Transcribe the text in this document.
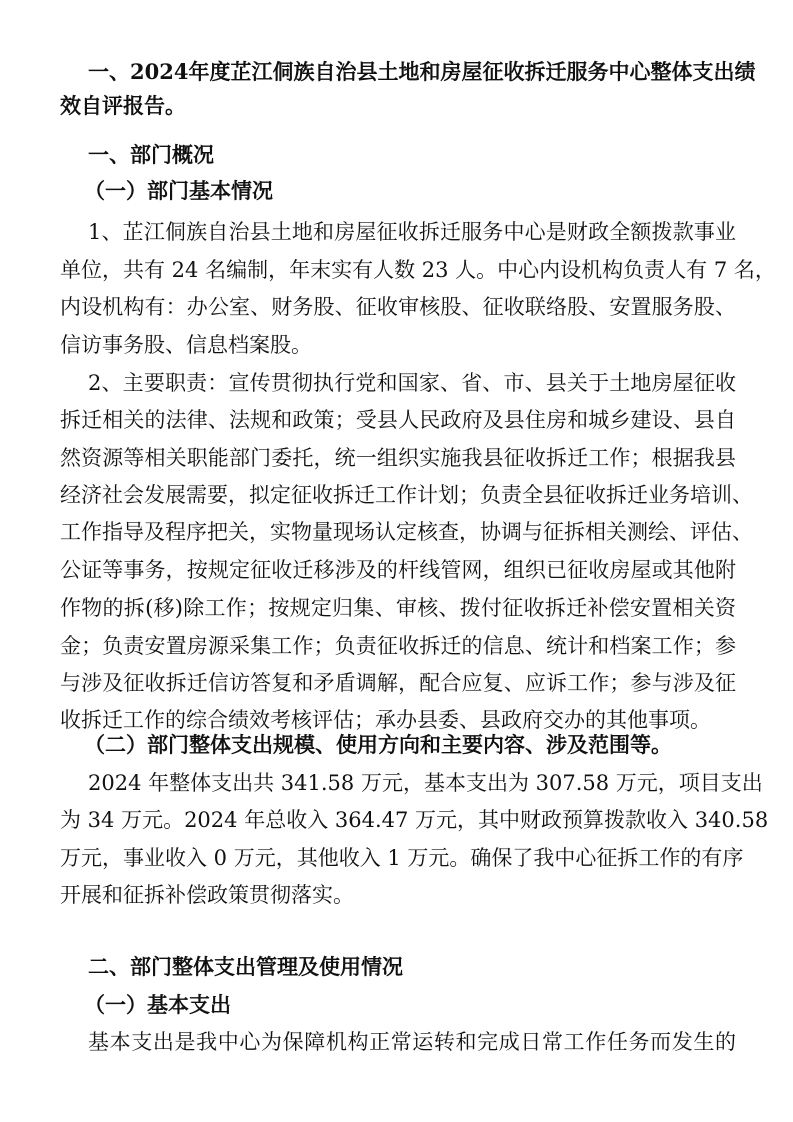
一、2024年度芷江侗族自治县土地和房屋征收拆迁服务中心整体支出绩
效自评报告。
一、部门概况
（一）部门基本情况
1、芷江侗族自治县土地和房屋征收拆迁服务中心是财政全额拨款事业
单位，共有 24 名编制，年末实有人数 23 人。中心内设机构负责人有 7 名，
内设机构有：办公室、财务股、征收审核股、征收联络股、安置服务股、
信访事务股、信息档案股。
2、主要职责：宣传贯彻执行党和国家、省、市、县关于土地房屋征收
拆迁相关的法律、法规和政策；受县人民政府及县住房和城乡建设、县自
然资源等相关职能部门委托，统一组织实施我县征收拆迁工作；根据我县
经济社会发展需要，拟定征收拆迁工作计划；负责全县征收拆迁业务培训、
工作指导及程序把关，实物量现场认定核查，协调与征拆相关测绘、评估、
公证等事务，按规定征收迁移涉及的杆线管网，组织已征收房屋或其他附
作物的拆(移)除工作；按规定归集、审核、拨付征收拆迁补偿安置相关资
金；负责安置房源采集工作；负责征收拆迁的信息、统计和档案工作；参
与涉及征收拆迁信访答复和矛盾调解，配合应复、应诉工作；参与涉及征
收拆迁工作的综合绩效考核评估；承办县委、县政府交办的其他事项。
（二）部门整体支出规模、使用方向和主要内容、涉及范围等。
2024 年整体支出共 341.58 万元，基本支出为 307.58 万元，项目支出
为 34 万元。2024 年总收入 364.47 万元，其中财政预算拨款收入 340.58
万元，事业收入 0 万元，其他收入 1 万元。确保了我中心征拆工作的有序
开展和征拆补偿政策贯彻落实。
二、部门整体支出管理及使用情况
（一）基本支出
基本支出是我中心为保障机构正常运转和完成日常工作任务而发生的
